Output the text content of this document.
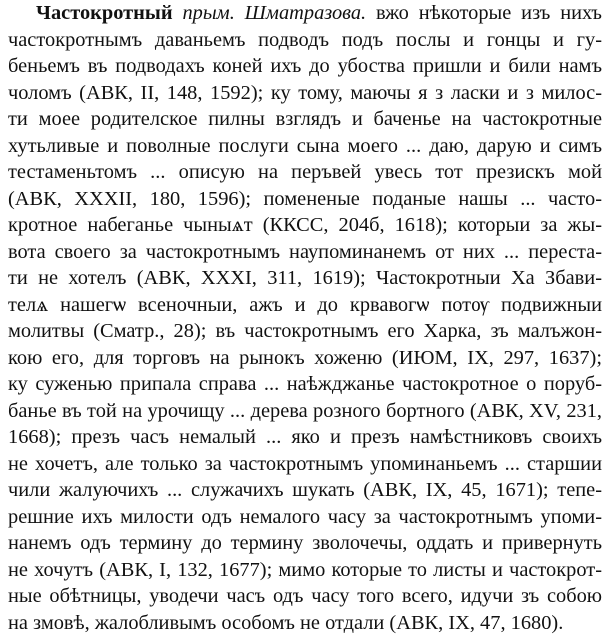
Частокротный прым. Шматразова. вжо нѣкоторые изъ нихъ
частокротнымъ даваньемъ подводъ подъ послы и гонцы и гу-
беньемъ въ подводахъ коней ихъ до убоства пришли и били намъ
чоломъ (АВК, II, 148, 1592); ку тому, маючы я з ласки и з милос-
ти моее родителское пилны взглядъ и баченье на частокротные
хутьливые и поволные послуги сына моего ... даю, дарую и симъ
тестаменьтомъ ... описую на перъвей увесь тот презискъ мой
(АВК, XXXII, 180, 1596); помененые поданые нашы ... часто-
кротное набеганье чыныѧт (ККСС, 204б, 1618); которыи за жы-
вота своего за частокротнымъ наупоминанемъ от них ... переста-
ти не хотелъ (АВК, XXXI, 311, 1619); Частокротныи Ха Збави-
телѧ нашегѡ всеночныи, ажъ и до крвавогѡ потѹ подвижныи
молитвы (Сматр., 28); въ частокротнымъ его Харка, зъ малъжон-
кою его, для торговъ на рынокъ хоженю (ИЮМ, IX, 297, 1637);
ку суженью припала справа ... наѣжджанье частокротное о поруб-
банье въ той на урочищу ... дерева розного бортного (АВК, XV, 231,
1668); презъ часъ немалый ... яко и презъ намѣстниковъ своихъ
не хочетъ, але только за частокротнымъ упоминаньемъ ... старшии
чили жалуючихъ ... служачихъ шукать (АВК, IX, 45, 1671); тепе-
решние ихъ милости одъ немалого часу за частокротнымъ упоми-
нанемъ одъ термину до термину зволочечы, оддать и привернуть
не хочутъ (АВК, I, 132, 1677); мимо которые то листы и частокрот-
ные обѣтницы, уводечи часъ одъ часу того всего, идучи зъ собою
на змовѣ, жалобливымъ особомъ не отдали (АВК, IX, 47, 1680).
